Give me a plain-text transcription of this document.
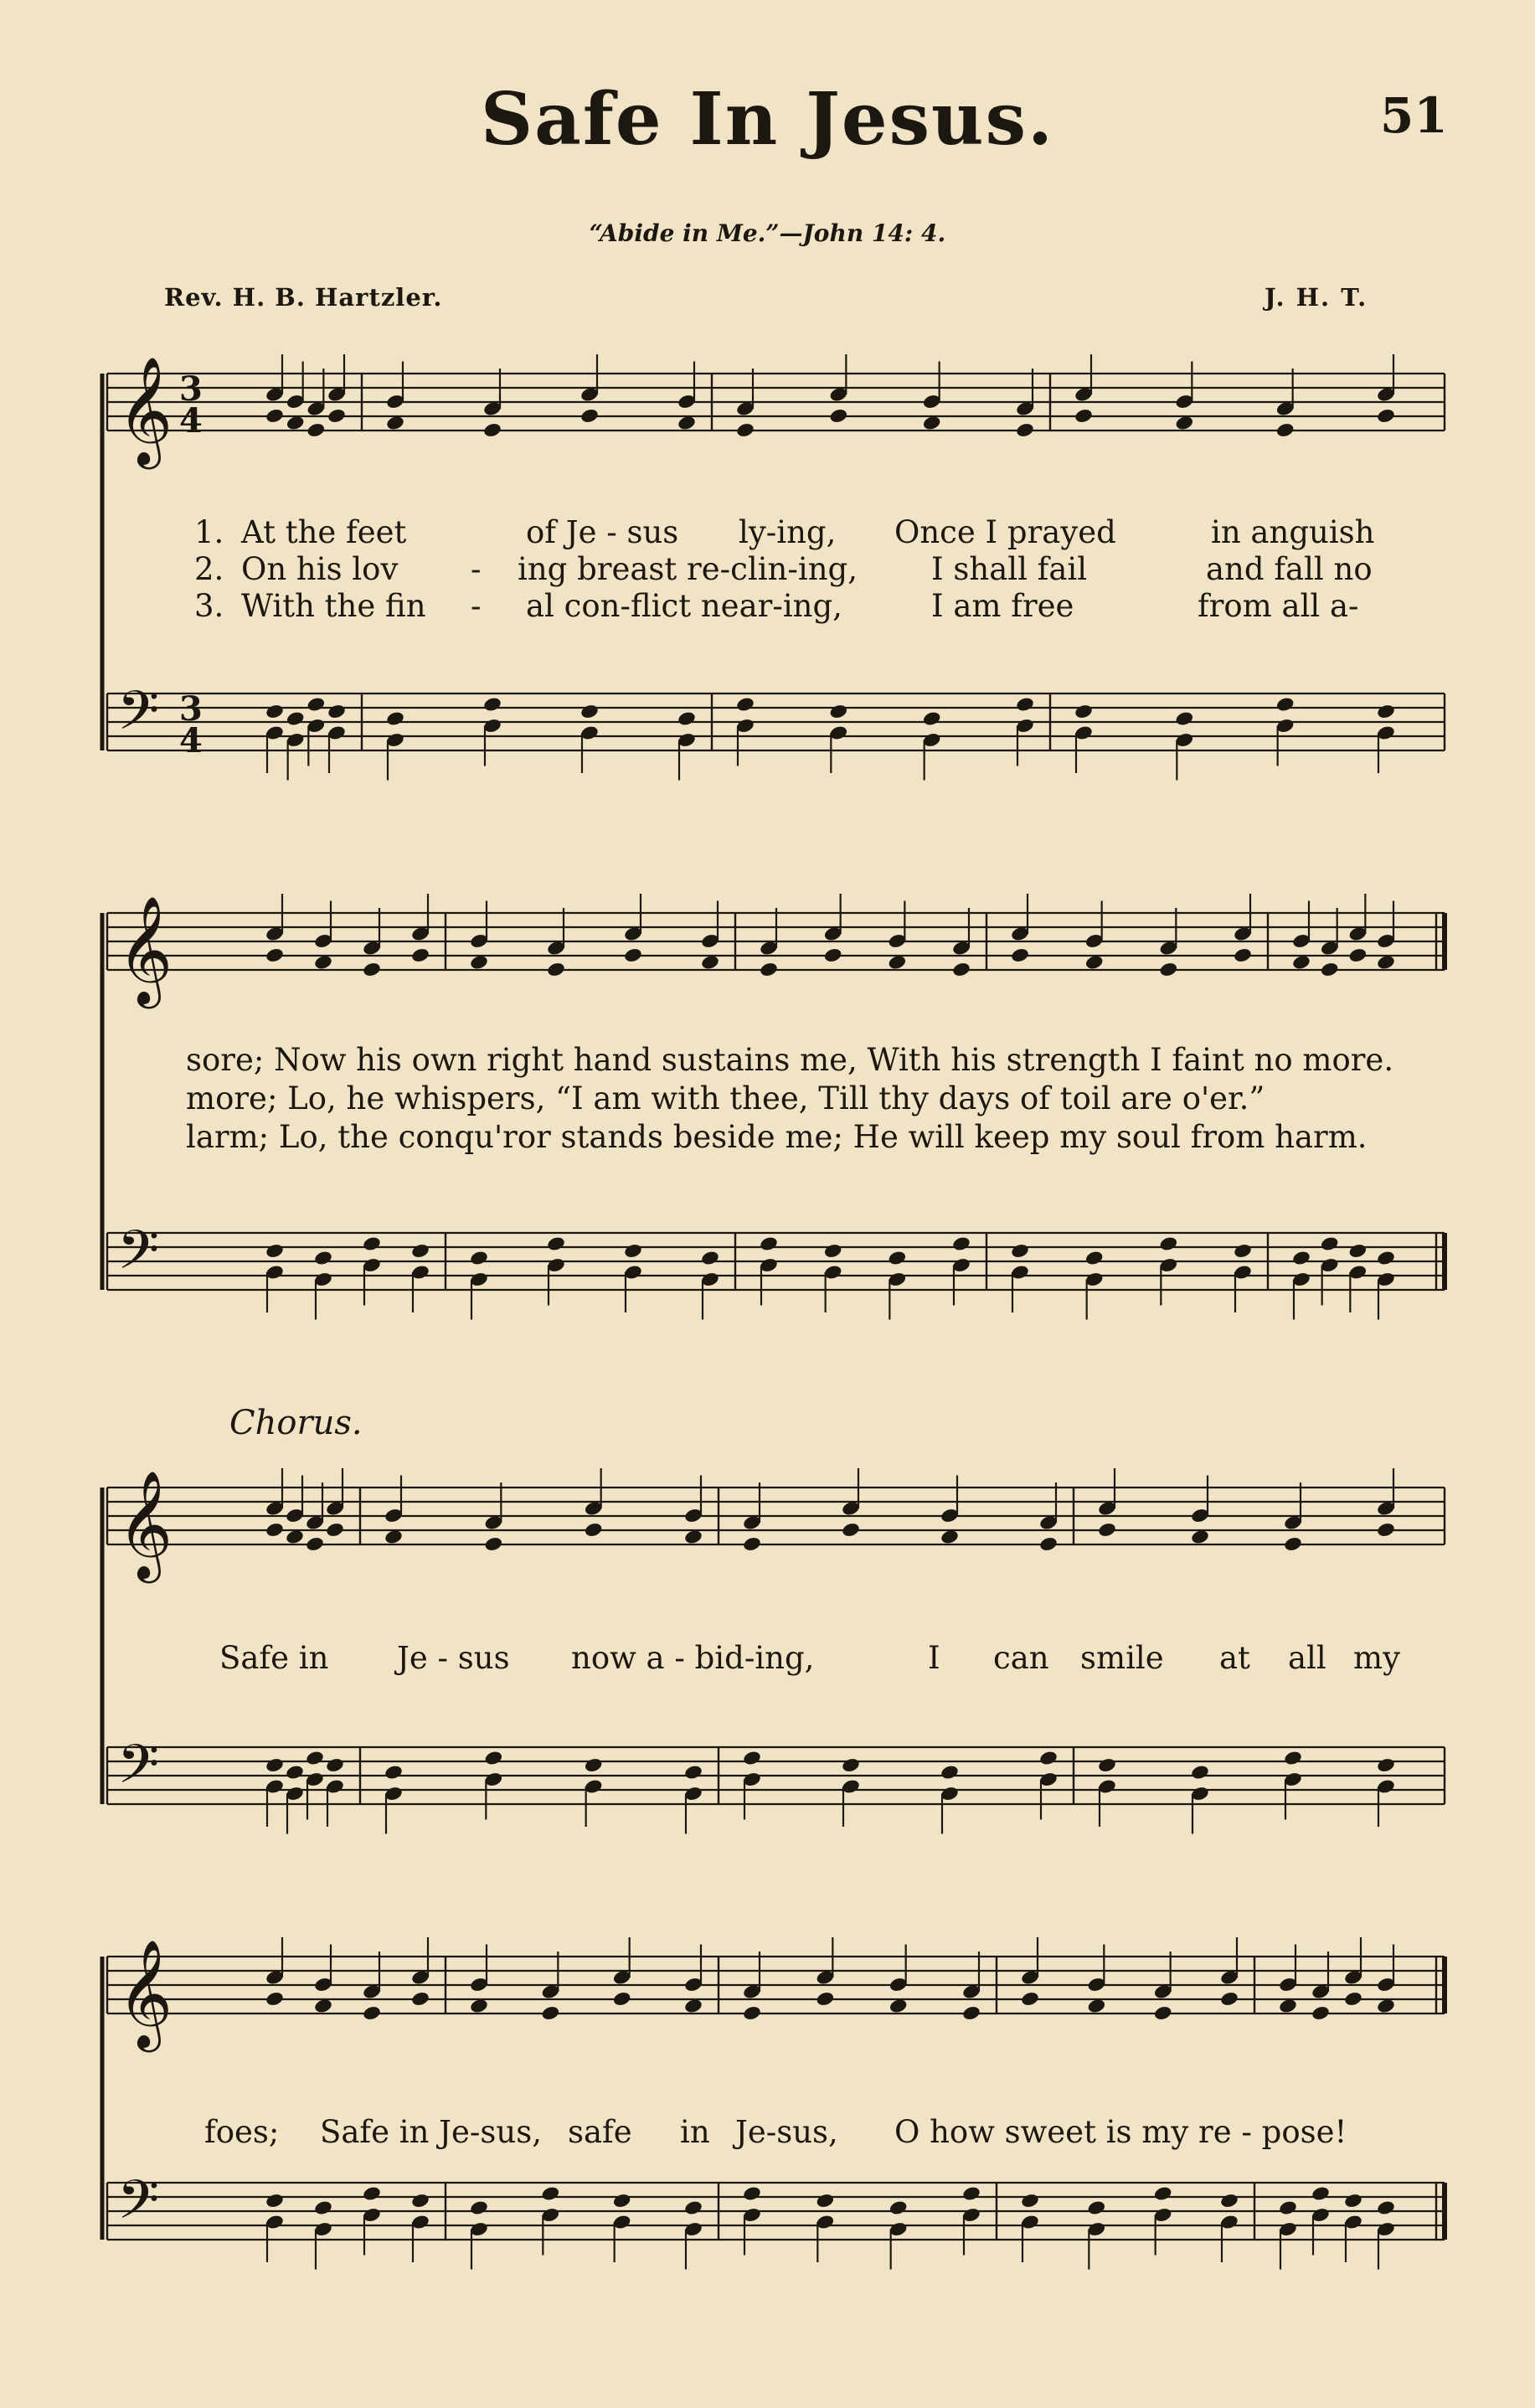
Safe In Jesus.	51
“Abide in Me.”—John 14: 4.
Rev. H. B. Hartzler.	J. H. T.
𝄞
𝄢
3
4
3
4
𝄞
𝄢
𝄞
𝄢
𝄞
𝄢
1. At the feet	of Je - sus ly-ing, Once I prayed	in anguish
2. On his lov - ing breast re-clin-ing, I shall fail	and fall no
3. With the fin - al con-flict near-ing,	I am free	from all a-
sore; Now his own right hand sustains me, With his strength I faint no more.
more; Lo, he whispers, “I am with thee, Till thy days of toil are o'er.”
larm; Lo, the conqu'ror stands beside me; He will keep my soul from harm.
Chorus.
Safe in Je - sus now a - bid-ing,	I can smile at all my
foes; Safe in Je-sus, safe in Je-sus, O how sweet is my re - pose!
